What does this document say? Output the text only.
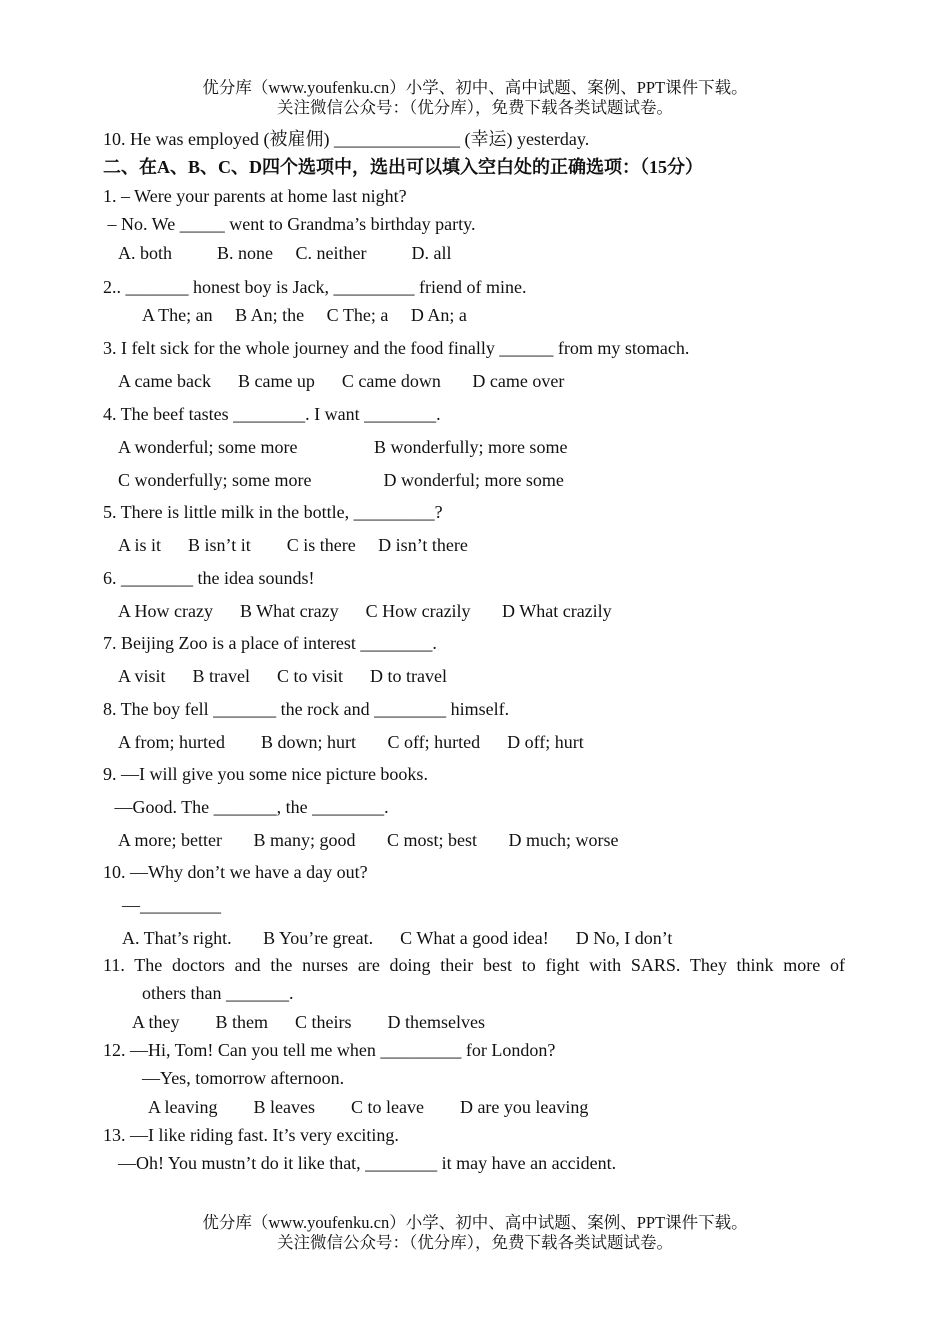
优分库（www.youfenku.cn）小学、初中、高中试题、案例、PPT课件下载。
关注微信公众号：（优分库），免费下载各类试题试卷。
10. He was employed (被雇佣) ______________ (幸运) yesterday.
二、在A、B、C、D四个选项中，选出可以填入空白处的正确选项：（15分）
1. – Were your parents at home last night?
– No. We _____ went to Grandma’s birthday party.
A. both          B. none     C. neither          D. all
2.. _______ honest boy is Jack, _________ friend of mine.
A The; an     B An; the     C The; a     D An; a
3. I felt sick for the whole journey and the food finally ______ from my stomach.
A came back      B came up      C came down       D came over
4. The beef tastes ________. I want ________.
A wonderful; some more                 B wonderfully; more some
C wonderfully; some more                D wonderful; more some
5. There is little milk in the bottle, _________?
A is it      B isn’t it        C is there     D isn’t there
6. ________ the idea sounds!
A How crazy      B What crazy      C How crazily       D What crazily
7. Beijing Zoo is a place of interest ________.
A visit      B travel      C to visit      D to travel
8. The boy fell _______ the rock and ________ himself.
A from; hurted        B down; hurt       C off; hurted      D off; hurt
9. —I will give you some nice picture books.
—Good. The _______, the ________.
A more; better       B many; good       C most; best       D much; worse
10. —Why don’t we have a day out?
—_________
A. That’s right.       B You’re great.      C What a good idea!      D No, I don’t
11. The doctors and the nurses are doing their best to fight with SARS. They think more of
others than _______.
A they        B them      C theirs        D themselves
12. —Hi, Tom! Can you tell me when _________ for London?
—Yes, tomorrow afternoon.
A leaving        B leaves        C to leave        D are you leaving
13. —I like riding fast. It’s very exciting.
—Oh! You mustn’t do it like that, ________ it may have an accident.
优分库（www.youfenku.cn）小学、初中、高中试题、案例、PPT课件下载。
关注微信公众号：（优分库），免费下载各类试题试卷。
